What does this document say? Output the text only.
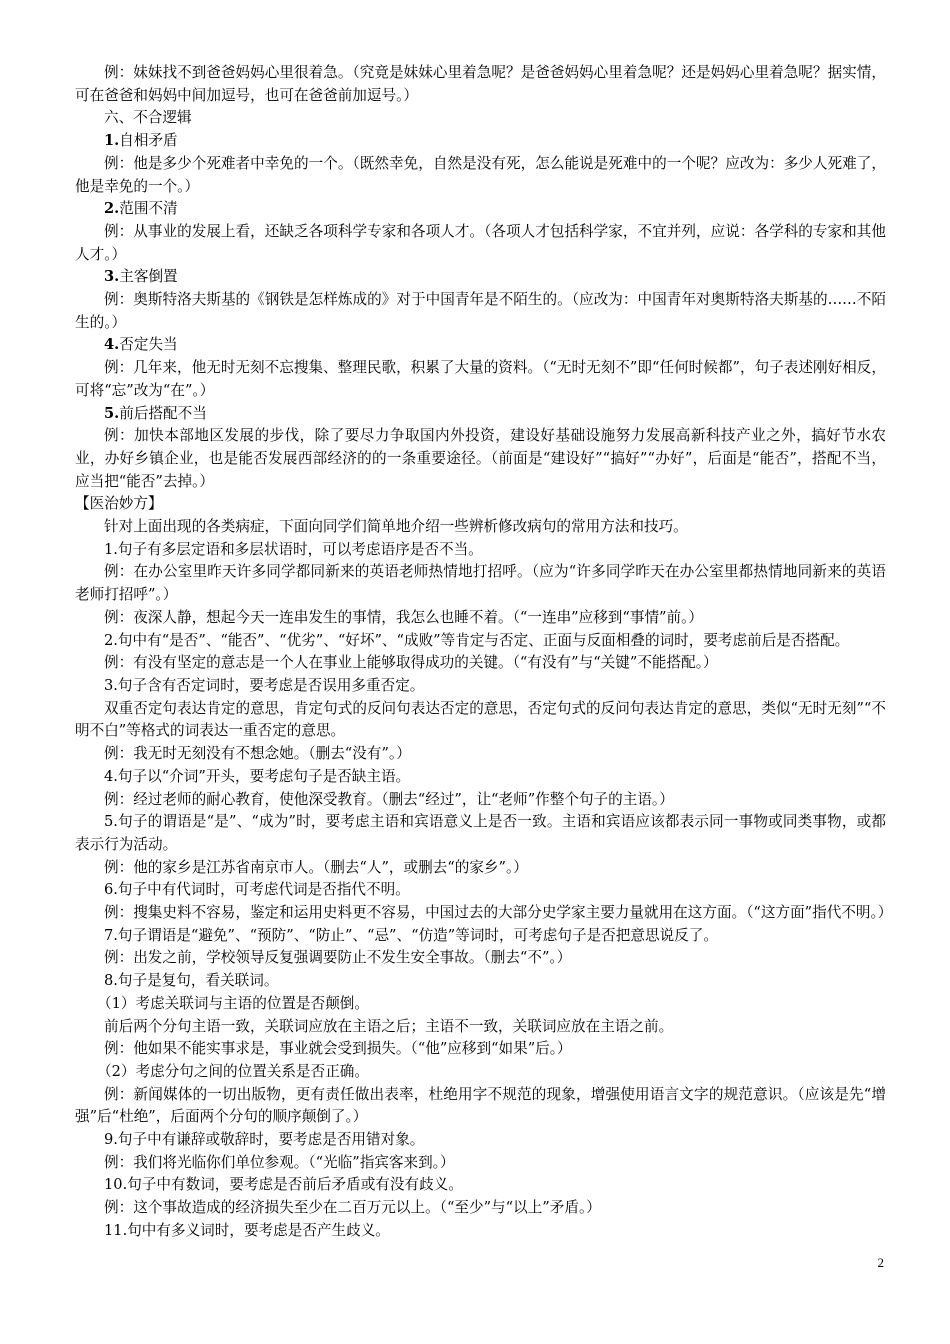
例：妹妹找不到爸爸妈妈心里很着急。（究竟是妹妹心里着急呢？是爸爸妈妈心里着急呢？还是妈妈心里着急呢？据实情，可在爸爸和妈妈中间加逗号，也可在爸爸前加逗号。）

六、不合逻辑

1.自相矛盾

例：他是多少个死难者中幸免的一个。（既然幸免，自然是没有死，怎么能说是死难中的一个呢？应改为：多少人死难了，他是幸免的一个。）

2.范围不清

例：从事业的发展上看，还缺乏各项科学专家和各项人才。（各项人才包括科学家，不宜并列，应说：各学科的专家和其他人才。）

3.主客倒置

例：奥斯特洛夫斯基的《钢铁是怎样炼成的》对于中国青年是不陌生的。（应改为：中国青年对奥斯特洛夫斯基的……不陌生的。）

4.否定失当

例：几年来，他无时无刻不忘搜集、整理民歌，积累了大量的资料。（“无时无刻不”即“任何时候都”，句子表述刚好相反，可将“忘”改为“在”。）

5.前后搭配不当

例：加快本部地区发展的步伐，除了要尽力争取国内外投资，建设好基础设施努力发展高新科技产业之外，搞好节水农业，办好乡镇企业，也是能否发展西部经济的的一条重要途径。（前面是“建设好”“搞好”“办好”，后面是“能否”，搭配不当，应当把“能否”去掉。）

【医治妙方】

针对上面出现的各类病症，下面向同学们简单地介绍一些辨析修改病句的常用方法和技巧。

1.句子有多层定语和多层状语时，可以考虑语序是否不当。

例：在办公室里昨天许多同学都同新来的英语老师热情地打招呼。（应为“许多同学昨天在办公室里都热情地同新来的英语老师打招呼”。）

例：夜深人静，想起今天一连串发生的事情，我怎么也睡不着。（“一连串”应移到“事情”前。）

2.句中有“是否”、“能否”、“优劣”、“好坏”、“成败”等肯定与否定、正面与反面相叠的词时，要考虑前后是否搭配。

例：有没有坚定的意志是一个人在事业上能够取得成功的关键。（“有没有”与“关键”不能搭配。）

3.句子含有否定词时，要考虑是否误用多重否定。

双重否定句表达肯定的意思，肯定句式的反问句表达否定的意思，否定句式的反问句表达肯定的意思，类似“无时无刻”“不明不白”等格式的词表达一重否定的意思。

例：我无时无刻没有不想念她。（删去“没有”。）

4.句子以“介词”开头，要考虑句子是否缺主语。

例：经过老师的耐心教育，使他深受教育。（删去“经过”，让“老师”作整个句子的主语。）

5.句子的谓语是“是”、“成为”时，要考虑主语和宾语意义上是否一致。主语和宾语应该都表示同一事物或同类事物，或都表示行为活动。

例：他的家乡是江苏省南京市人。（删去“人”，或删去“的家乡”。）

6.句子中有代词时，可考虑代词是否指代不明。

例：搜集史料不容易，鉴定和运用史料更不容易，中国过去的大部分史学家主要力量就用在这方面。（“这方面”指代不明。）

7.句子谓语是“避免”、“预防”、“防止”、“忌”、“仿造”等词时，可考虑句子是否把意思说反了。

例：出发之前，学校领导反复强调要防止不发生安全事故。（删去“不”。）

8.句子是复句，看关联词。

（1）考虑关联词与主语的位置是否颠倒。

前后两个分句主语一致，关联词应放在主语之后；主语不一致，关联词应放在主语之前。

例：他如果不能实事求是，事业就会受到损失。（“他”应移到“如果”后。）

（2）考虑分句之间的位置关系是否正确。

例：新闻媒体的一切出版物，更有责任做出表率，杜绝用字不规范的现象，增强使用语言文字的规范意识。（应该是先“增强”后“杜绝”，后面两个分句的顺序颠倒了。）

9.句子中有谦辞或敬辞时，要考虑是否用错对象。

例：我们将光临你们单位参观。（“光临”指宾客来到。）

10.句子中有数词，要考虑是否前后矛盾或有没有歧义。

例：这个事故造成的经济损失至少在二百万元以上。（“至少”与“以上”矛盾。）

11.句中有多义词时，要考虑是否产生歧义。

2
